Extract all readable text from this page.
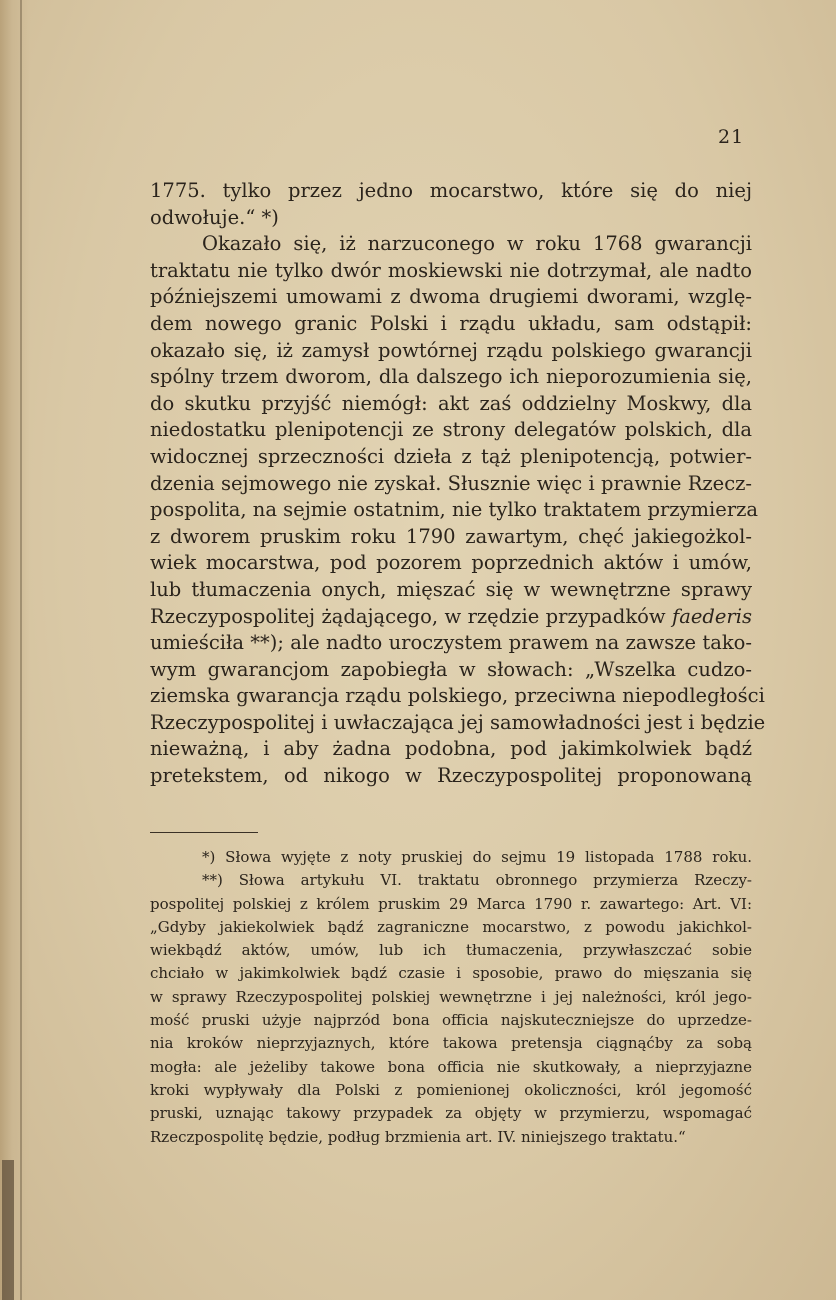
21
1775. tylko przez jedno mocarstwo, które się do niej
odwołuje.“ *)
Okazało się, iż narzuconego w roku 1768 gwarancji
traktatu nie tylko dwór moskiewski nie dotrzymał, ale nadto
późniejszemi umowami z dwoma drugiemi dworami, wzglę-
dem nowego granic Polski i rządu układu, sam odstąpił:
okazało się, iż zamysł powtórnej rządu polskiego gwarancji
spólny trzem dworom, dla dalszego ich nieporozumienia się,
do skutku przyjść niemógł: akt zaś oddzielny Moskwy, dla
niedostatku plenipotencji ze strony delegatów polskich, dla
widocznej sprzeczności dzieła z tąż plenipotencją, potwier-
dzenia sejmowego nie zyskał. Słusznie więc i prawnie Rzecz-
pospolita, na sejmie ostatnim, nie tylko traktatem przymierza
z dworem pruskim roku 1790 zawartym, chęć jakiegożkol-
wiek mocarstwa, pod pozorem poprzednich aktów i umów,
lub tłumaczenia onych, mięszać się w wewnętrzne sprawy
Rzeczypospolitej żądającego, w rzędzie przypadków faederis
umieściła **); ale nadto uroczystem prawem na zawsze tako-
wym gwarancjom zapobiegła w słowach: „Wszelka cudzo-
ziemska gwarancja rządu polskiego, przeciwna niepodległości
Rzeczypospolitej i uwłaczająca jej samowładności jest i będzie
nieważną, i aby żadna podobna, pod jakimkolwiek bądź
pretekstem, od nikogo w Rzeczypospolitej proponowaną
*) Słowa wyjęte z noty pruskiej do sejmu 19 listopada 1788 roku.
**) Słowa artykułu VI. traktatu obronnego przymierza Rzeczy-
pospolitej polskiej z królem pruskim 29 Marca 1790 r. zawartego: Art. VI:
„Gdyby jakiekolwiek bądź zagraniczne mocarstwo, z powodu jakichkol-
wiekbądź aktów, umów, lub ich tłumaczenia, przywłaszczać sobie
chciało w jakimkolwiek bądź czasie i sposobie, prawo do mięszania się
w sprawy Rzeczypospolitej polskiej wewnętrzne i jej należności, król jego-
mość pruski użyje najprzód bona officia najskuteczniejsze do uprzedze-
nia kroków nieprzyjaznych, które takowa pretensja ciągnąćby za sobą
mogła: ale jeżeliby takowe bona officia nie skutkowały, a nieprzyjazne
kroki wypływały dla Polski z pomienionej okoliczności, król jegomość
pruski, uznając takowy przypadek za objęty w przymierzu, wspomagać
Rzeczpospolitę będzie, podług brzmienia art. IV. niniejszego traktatu.“
